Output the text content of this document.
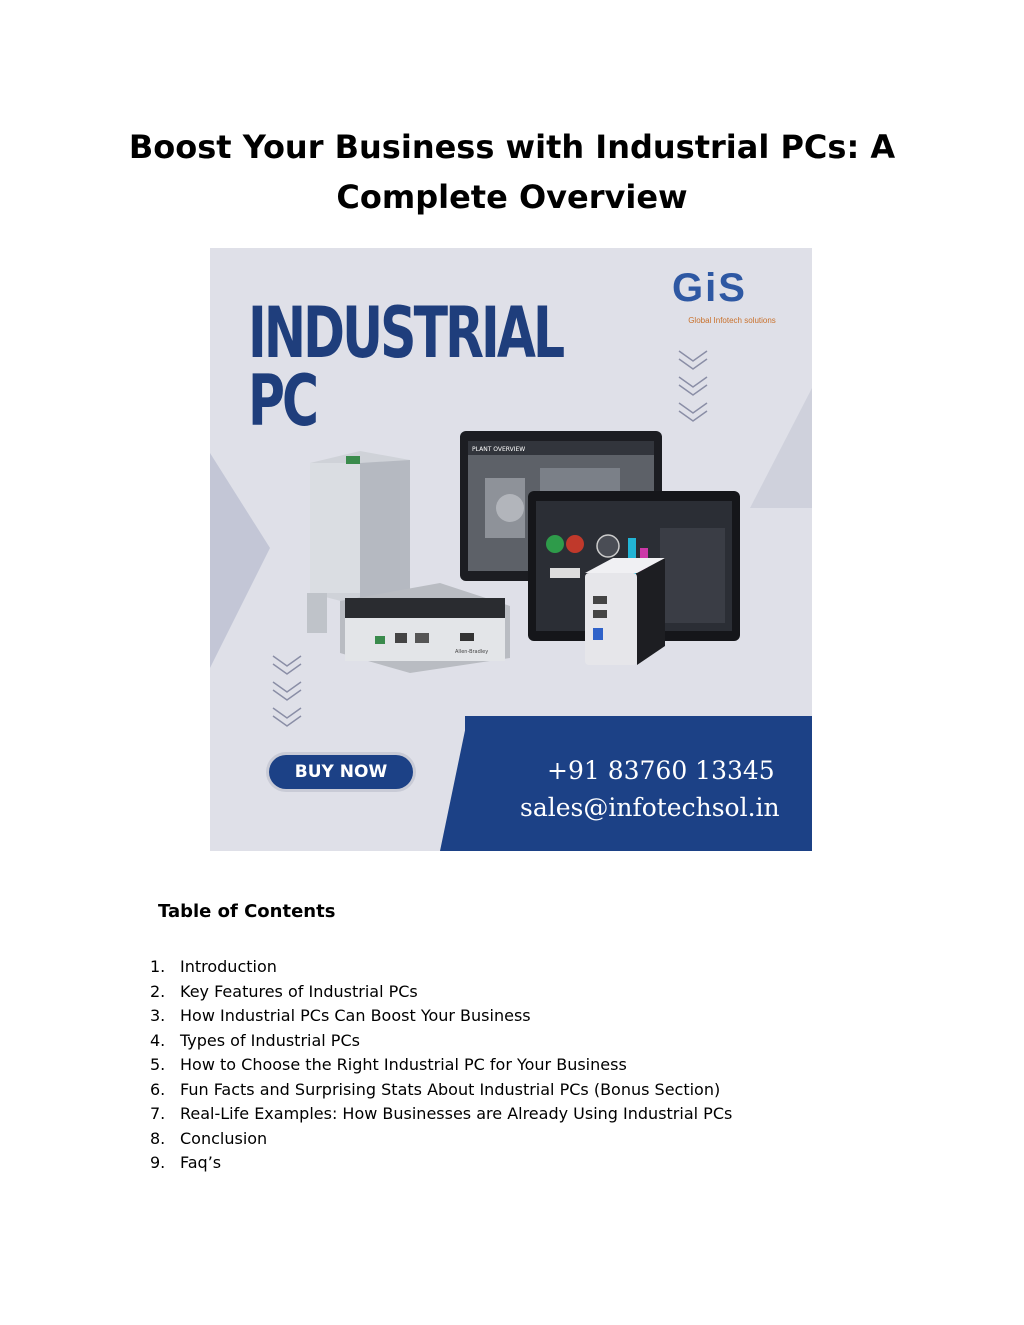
Boost Your Business with Industrial PCs: A
Complete Overview
INDUSTRIAL
PC
GiS
Global Infotech solutions
PLANT OVERVIEW
Allen-Bradley
BUY NOW	+91 83760 13345
sales@infotechsol.in
Table of Contents
1. Introduction
2. Key Features of Industrial PCs
3. How Industrial PCs Can Boost Your Business
4. Types of Industrial PCs
5. How to Choose the Right Industrial PC for Your Business
6. Fun Facts and Surprising Stats About Industrial PCs (Bonus Section)
7. Real-Life Examples: How Businesses are Already Using Industrial PCs
8. Conclusion
9. Faq’s
